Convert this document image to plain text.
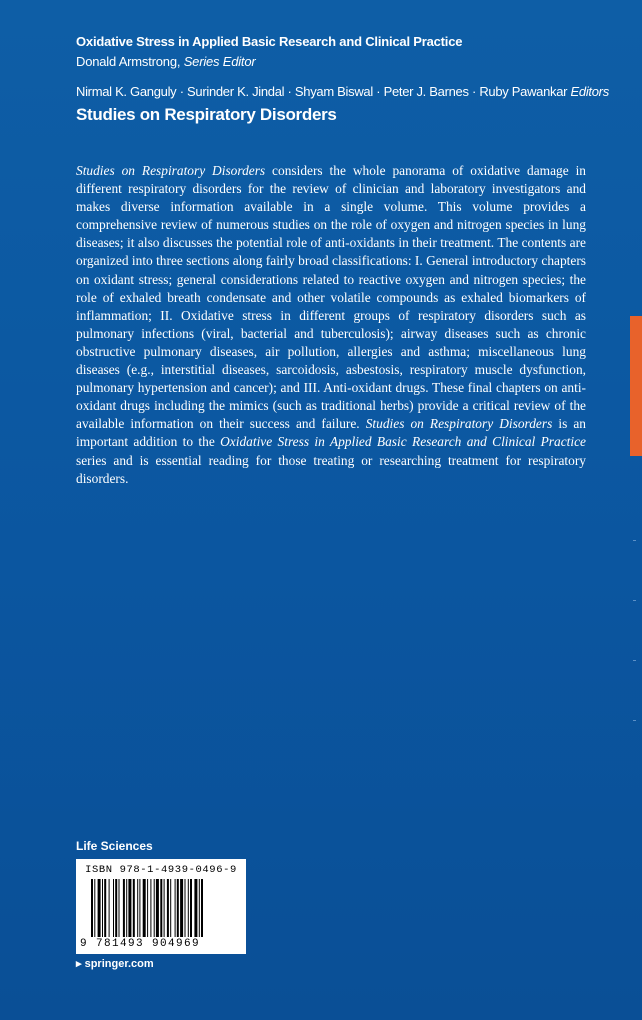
Oxidative Stress in Applied Basic Research and Clinical Practice
Donald Armstrong, Series Editor
Nirmal K. Ganguly · Surinder K. Jindal · Shyam Biswal · Peter J. Barnes · Ruby Pawankar Editors
Studies on Respiratory Disorders

Studies on Respiratory Disorders considers the whole panorama of oxidative damage in different respiratory disorders for the review of clinician and laboratory investigators and makes diverse information available in a single volume. This volume provides a comprehensive review of numerous studies on the role of oxygen and nitrogen species in lung diseases; it also discusses the potential role of anti-oxidants in their treatment. The contents are organized into three sections along fairly broad classifications: I. General introductory chapters on oxidant stress; general considerations related to reactive oxygen and nitrogen species; the role of exhaled breath condensate and other volatile compounds as exhaled biomarkers of inflammation; II. Oxidative stress in different groups of respiratory disorders such as pulmonary infections (viral, bacterial and tuberculosis); airway diseases such as chronic obstructive pulmonary diseases, air pollution, allergies and asthma; miscellaneous lung diseases (e.g., interstitial diseases, sarcoidosis, asbestosis, respiratory muscle dysfunction, pulmonary hypertension and cancer); and III. Anti-oxidant drugs. These final chapters on anti-oxidant drugs including the mimics (such as traditional herbs) provide a critical review of the available information on their success and failure. Studies on Respiratory Disorders is an important addition to the Oxidative Stress in Applied Basic Research and Clinical Practice series and is essential reading for those treating or researching treatment for respiratory disorders.

Life Sciences
ISBN 978-1-4939-0496-9
9 781493 904969
▸ springer.com
